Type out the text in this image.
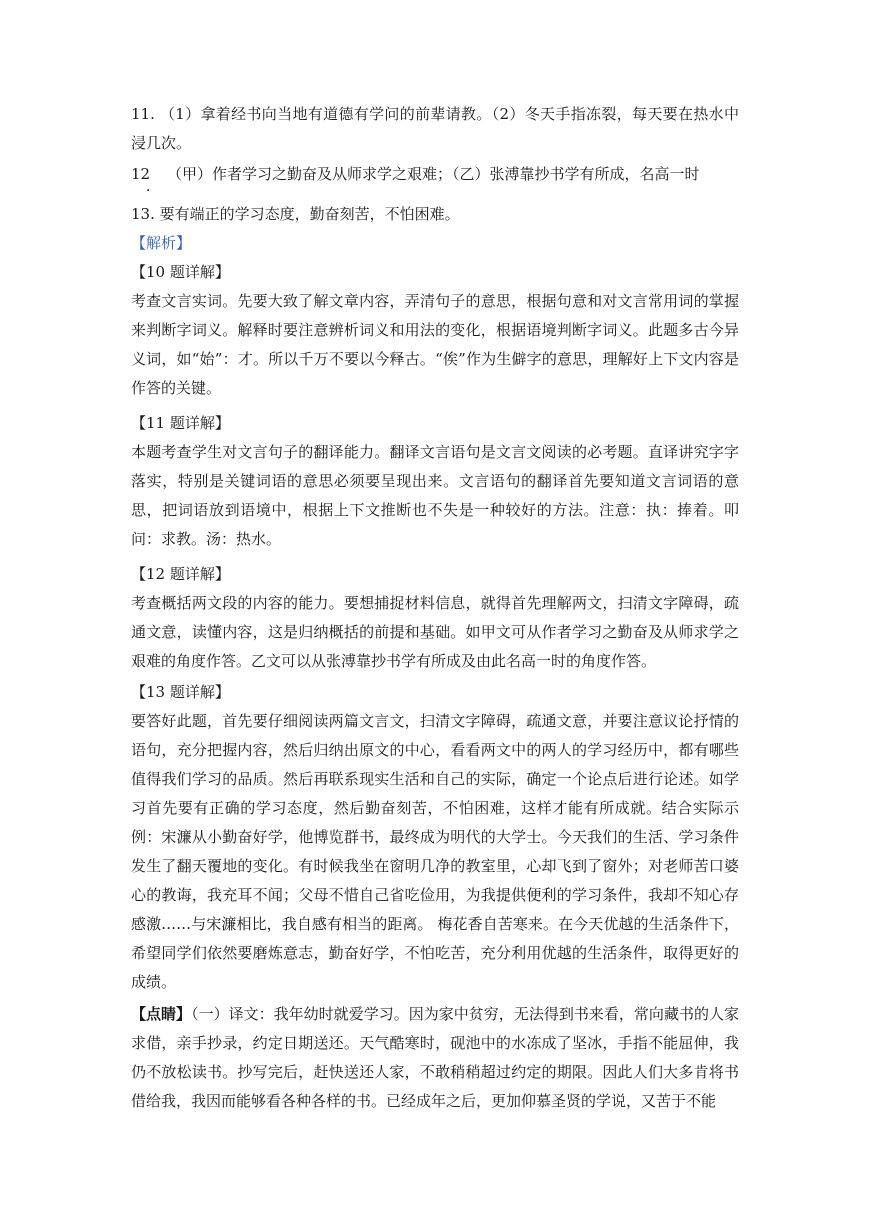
11. （1）拿着经书向当地有道德有学问的前辈请教。（2）冬天手指冻裂，每天要在热水中浸几次。

12
．
（甲）作者学习之勤奋及从师求学之艰难；（乙）张溥靠抄书学有所成，名高一时

13. 要有端正的学习态度，勤奋刻苦，不怕困难。

【解析】

【10 题详解】

考查文言实词。先要大致了解文章内容，弄清句子的意思，根据句意和对文言常用词的掌握来判断字词义。解释时要注意辨析词义和用法的变化，根据语境判断字词义。此题多古今异义词，如“始”：才。所以千万不要以今释古。“俟”作为生僻字的意思，理解好上下文内容是作答的关键。

【11 题详解】

本题考查学生对文言句子的翻译能力。翻译文言语句是文言文阅读的必考题。直译讲究字字落实，特别是关键词语的意思必须要呈现出来。文言语句的翻译首先要知道文言词语的意思，把词语放到语境中，根据上下文推断也不失是一种较好的方法。注意：执：捧着。叩问：求教。汤：热水。

【12 题详解】

考查概括两文段的内容的能力。要想捕捉材料信息，就得首先理解两文，扫清文字障碍，疏通文意，读懂内容，这是归纳概括的前提和基础。如甲文可从作者学习之勤奋及从师求学之艰难的角度作答。乙文可以从张溥靠抄书学有所成及由此名高一时的角度作答。

【13 题详解】

要答好此题，首先要仔细阅读两篇文言文，扫清文字障碍，疏通文意，并要注意议论抒情的语句，充分把握内容，然后归纳出原文的中心，看看两文中的两人的学习经历中，都有哪些值得我们学习的品质。然后再联系现实生活和自己的实际，确定一个论点后进行论述。如学习首先要有正确的学习态度，然后勤奋刻苦，不怕困难，这样才能有所成就。结合实际示例：宋濂从小勤奋好学，他博览群书，最终成为明代的大学士。今天我们的生活、学习条件发生了翻天覆地的变化。有时候我坐在窗明几净的教室里，心却飞到了窗外；对老师苦口婆心的教诲，我充耳不闻；父母不惜自己省吃俭用，为我提供便利的学习条件，我却不知心存感激……与宋濂相比，我自感有相当的距离。 梅花香自苦寒来。在今天优越的生活条件下，希望同学们依然要磨炼意志，勤奋好学，不怕吃苦，充分利用优越的生活条件，取得更好的成绩。

【点睛】（一）译文：我年幼时就爱学习。因为家中贫穷，无法得到书来看，常向藏书的人家求借，亲手抄录，约定日期送还。天气酷寒时，砚池中的水冻成了坚冰，手指不能屈伸，我仍不放松读书。抄写完后，赶快送还人家，不敢稍稍超过约定的期限。因此人们大多肯将书借给我，我因而能够看各种各样的书。已经成年之后，更加仰慕圣贤的学说，又苦于不能
